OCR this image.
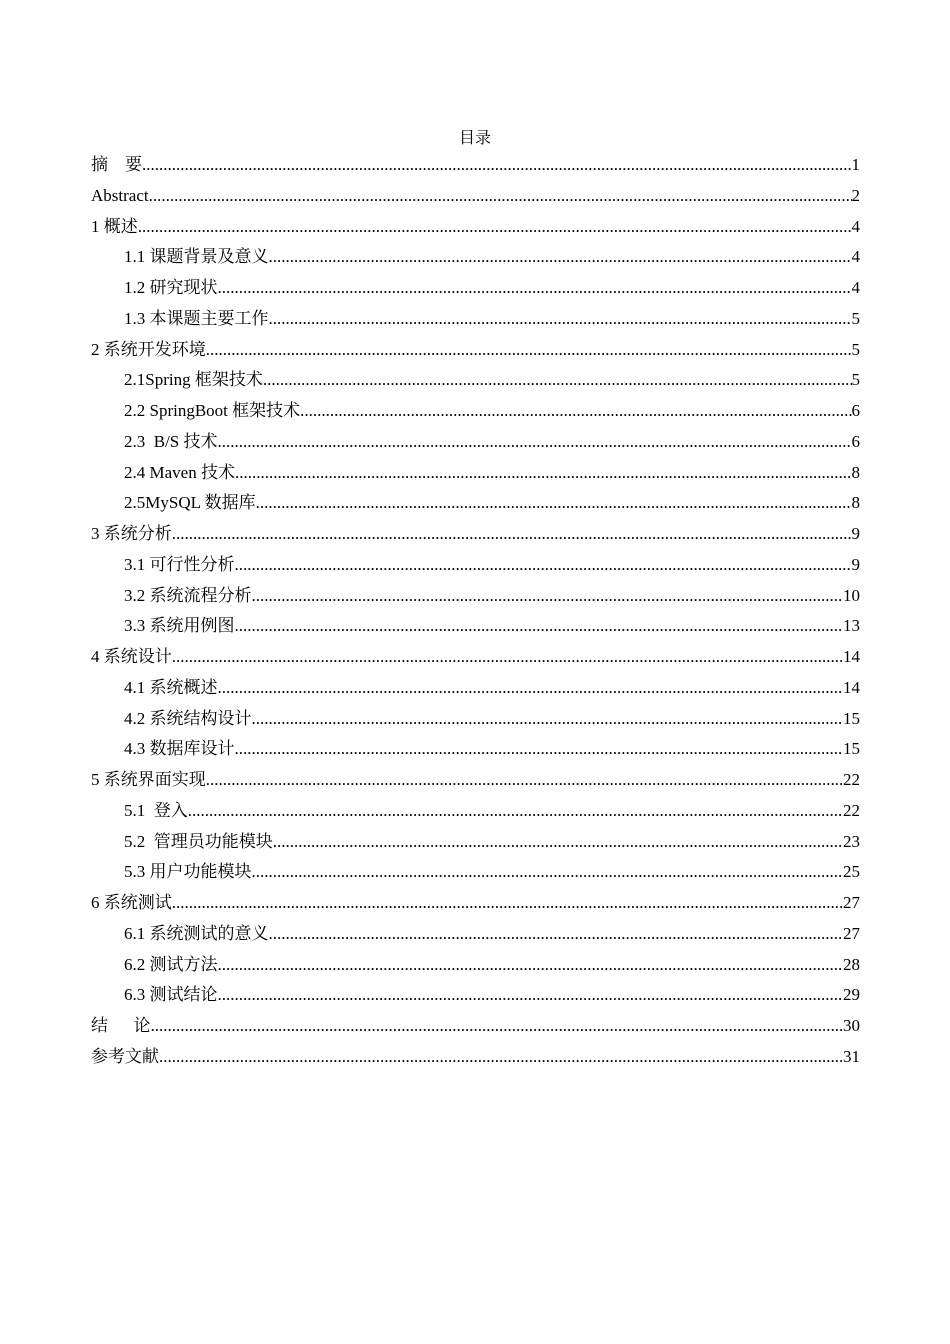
目录
摘    要 .....	1
Abstract .....	2
1 概述 .....	4
1.1 课题背景及意义 .....	4
1.2 研究现状 .....	4
1.3 本课题主要工作 .....	5
2 系统开发环境 .....	5
2.1Spring 框架技术 .....	5
2.2 SpringBoot 框架技术 .....	6
2.3  B/S 技术 .....	6
2.4 Maven 技术 .....	8
2.5MySQL 数据库 .....	8
3 系统分析 .....	9
3.1 可行性分析 .....	9
3.2 系统流程分析 .....	10
3.3 系统用例图 .....	13
4 系统设计 .....	14
4.1 系统概述 .....	14
4.2 系统结构设计 .....	15
4.3 数据库设计 .....	15
5 系统界面实现 .....	22
5.1  登入 .....	22
5.2  管理员功能模块 .....	23
5.3 用户功能模块 .....	25
6 系统测试 .....	27
6.1 系统测试的意义 .....	27
6.2 测试方法 .....	28
6.3 测试结论 .....	29
结      论 .....	30
参考文献 .....	31
